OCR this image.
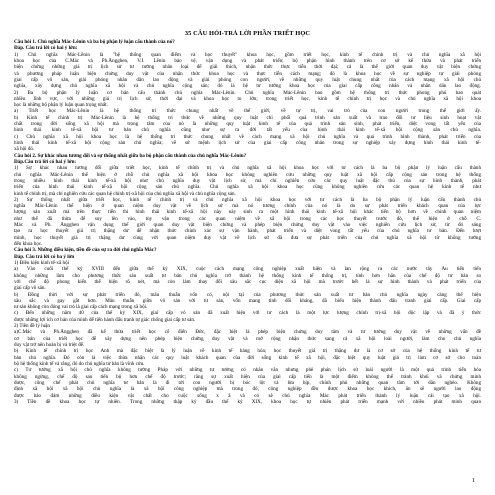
35 CÂU HỎI-TRẢ LỜI PHẦN TRIẾT HỌC
Câu hỏi 1. Chủ nghĩa Mác-Lênin và ba bộ phận lý luận cấu thành của nó?
Đáp. Câu trả lời có hai ý lớn:
1) Chủ nghĩa Mác-Lênin là "hệ thống quan điểm và học thuyết" khoa học, gồm triết học, kinh tế chính trị và chủ nghĩa xã hội
khoa học của C.Mác và Ph.Ăngghen, V.I. Lênin bảo vệ, vận dụng và phát triển; bộ phận hình thành trên cơ sở kế thừa và phát triển
biện chứng những giá trị lịch sử tư tưởng nhân loại để giải thích, nhận thức thực tiễn thời đại; cả là thế giới quan duy vật biện chứng
và phương pháp luận biện chứng duy vật của nhận thức khoa học và thực tiễn cách mạng; đó là khoa học về sự nghiệp tự giải phóng
giai cấp vô sản, giải phóng nhân dân lao động và giải phóng con người, về những quy luật chung nhất của cách mạng xã hội chủ
nghĩa, xây dựng chủ nghĩa xã hội và chủ nghĩa cộng sản; đó là hệ tư tưởng khoa học của giai cấp công nhân và nhân dân lao động.
2) Ba bộ phận lý luận cơ bản cấu thành chủ nghĩa Mác-Lênin. Chủ nghĩa Mác-Lênin bao gồm hệ thống tri thức phong phú bao quát
nhiều lĩnh vực, với những giá trị lịch sử, thời đại và khoa học to lớn; trong triết học, kinh tế chính trị học và chủ nghĩa xã hội khoa
học là những bộ phận lý luận quan trọng nhất.
a) Triết học Mác-Lênin là hệ thống tri thức chung nhất về thế giới, về tự trị, vai trò của con người trong thế giới ấy.
b) Kinh tế chính trị Mác-Lênin là hệ thống tri thức về những quy luật chi phối quá trình sản xuất và trao đổi tư liệu sinh hoạt vật
chất trong đời sống xã hội mà trọng tâm của nó là những quy luật kinh tế của quá trình sản sinh, phát triển, diệt vong tất yếu của
hình thái kinh tế-xã hội tư bản chủ nghĩa cũng như sự ra đời tất yếu của hình thái kinh tế-xã hội cộng sản chủ nghĩa.
c) Chủ nghĩa xã hội khoa học là hệ thống tri thức chung nhất về cách mạng xã hội chủ nghĩa và quá trình hình thành, phát triển của
hình thái kinh tế-xã hội cộng sản chủ nghĩa; về sứ mệnh lịch sử của giai cấp công nhân trong sự nghiệp xây dựng hình thái kinh tế-
xã hội đó.
Câu hỏi 2. Sự khác nhau tương đối và sự thống nhất giữa ba bộ phận cấu thành của chủ nghĩa Mác-Lênin?
Đáp.Câu trả lời có hai ý lớn:
1) Sự khác nhau tương đối giữa triết học, kinh tế chính trị và chủ nghĩa xã hội khoa học với tư cách là ba bộ phận lý luận cấu thành
chủ nghĩa Mác-Lênin thể hiện ở chỗ chủ nghĩa xã hội khoa học không nghiên cứu những quy luật xã hội cấp cộng sản trong hệ thống
trong nhiều hình thái kinh tế-xã hội như chủ nghĩa duy vật lịch sử, mà chỉ nghiên cứu các quy luật đặc thù của sự hình thành, phát
triển của hình thái kinh tế-xã hội cộng sản chủ nghĩa. Chủ nghĩa xã hội khoa học cũng không nghiên cứu các quan hệ kinh tế như
kinh tế chính trị, mà chỉ nghiên cứu các quan hệ chính trị-xã hội của chủ nghĩa xã hội và chủ nghĩa cộng sản.
2) Sự thống nhất giữa triết học, kinh tế chính trị và chủ nghĩa xã hội khoa học với tư cách là ba bộ phận lý luận cấu thành chủ
nghĩa Mác-Lênin thể hiện ở quan niệm duy vật về lịch sử mà nó tương chính của nó là do sự phát triển khách quan của lực
lượng sản xuất mà trên thực tiễn thì hình thái kinh tế-xã hội này này sinh ra một hình thái kinh tế-xã hội khác tiến bộ hơn về chính quan niệm
như thế đã thừa để suy lên vào, tùy vận trong các quan niệm về xã hội trong các học thuyết trước đó, thể hiện ở chỗ C.
Mác và Ph. Ăngghen vận dụng thế giới quan duy vật biện chứng và phép biện chứng duy vật vào việc nghiên cứu lịch sử, từ đó sáng
tạo ra học thuyết giá trị thặng dư để nhận thức chính xác sự vận hành, phát triển và diệt vong tất yếu của chủ nghĩa tư bản. Đến lượt
mình, học thuyết giá trị thặng dư cùng với quan niệm duy vật về lịch sử đã đưa sự phát triển của chủ nghĩa xã hội từ không tưởng
đến khoa học.
Câu hỏi 3. Những điều kiện, tiền đề của sự ra đời chủ nghĩa Mác?
Đáp. Câu trả lời có ba ý lớn
1) Điều kiện kinh tế-xã hội
a) Vào cuối thế kỷ XVIII đến giữa thế kỷ XIX, cuộc cách mạng công nghiệp xuất hiện và lan rộng ra các nước tây Âu tiến tiến
không những làm cho phương thức sản xuất tư bản chủ nghĩa trở thành hệ thống kinh tế thống trị, tính hơn hẳn của chế độ tư bản so
với chế độ phong kiến thể hiện rõ nét, mà còn làm thay đổi sâu sắc cục diện xã hội mà trước hết là sự hình thành và phát triển của
giai cấp vô sản.
b) Đồng thời với sự phát triển đó, mâu thuẫn vốn có, nội tại của phương thức sản xuất tư bản chủ nghĩa ngày càng thể hiện
sâu sắc và gay gắt hơn. Mâu thuẫn giữa vô sản với tư sản, vốn mang tính đối kháng, đã biểu hiện thành đấu tranh giai cấp. Giai cấp
tư sản không còn đóng vai trò là giai cấp cách mạng trong xã hội.
c) Đến những năm 40 của thế kỷ XIX, giai cấp vô sản đã xuất hiện với tư cách là một lực lượng chính trị-xã hội độc lập và đã ý thức
được những lợi ích cơ bản của mình để tiến hành đấu tranh tự giác chống giai cấp tư sản.
2) Tiền đề lý luận
a)C.Mác và Ph.Ăngghen đã kế thừa triết học cổ điển Đức, đặc biệt là phép biện chứng duy tâm và tư tưởng duy vật về những vấn đề
cơ bản của triết học để xây dựng nên phép biện chứng duy vật và mở rộng nhận thức sang cả xã hội loài người, làm cho chủ nghĩa
duy vật trở nên hoàn bị và triệt để.
b) Kinh tế chính trị học Anh mà đặc biệt là lý luận về kinh tế hàng hóa; học thuyết giá trị thặng dư là cơ sở của hệ thống kinh tế tư
bản chủ nghĩa. Đó còn là việc thừa nhận các quy luật khách quan của đời sống kinh tế xã hội, đặc biệt quy luật giá trị làm cơ sở cho toàn
bộ hệ thống kinh tế và rằng, đó do chủ nghĩa tư bản là vĩnh cửu.
c) Tư tưởng xã hội chủ nghĩa không tưởng Pháp với những tư tưởng có nhân văn nhưng phê phán lịch sử loài người là một quá trình tiến hóa
không ngừng, chế độ sau tiến bộ hơn chế độ trước; răng sự xuất hiện của giai cấp tiến là một điểm không thể tránh khỏi và chứng minh
được, công chế phát chủ nghĩa tư bản là đi tới con người bị bóc lột và lừa bịp, chính phủ những quan tâm tới dân nghèo. Không
định xã hội xã hội chủ nghĩa là xã hội công nghiệp mà trong đó, công nghiệp đều được khoa học khích, ăn sẽ người lao động
được bảo đảm những điều kiện vật chất cho cuộc sống x ã và có sẽ chủ nghĩa Mác phát triển thành lý luận cải tạo xã hội.
3) Tiền đề khoa học tự nhiên. Trong những thập kỷ đầu thế kỷ XIX, khoa học tự nhiên phát triển mạnh với nhiều phát minh quan
1
